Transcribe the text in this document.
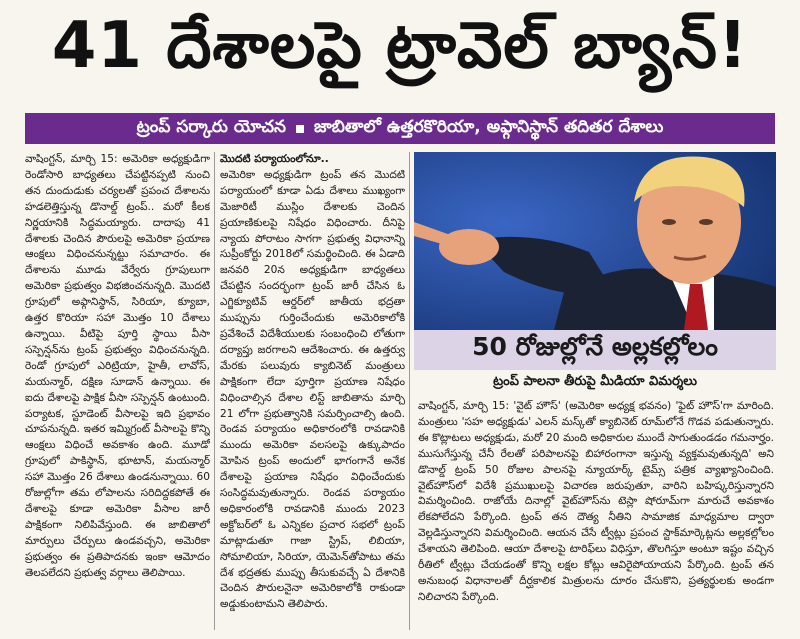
41 దేశాలపై ట్రావెల్ బ్యాన్!
ట్రంప్ సర్కారు యోచన జాబితాలో ఉత్తరకొరియా, అఫ్గానిస్థాన్ తదితర దేశాలు

వాషింగ్టన్, మార్చి 15: అమెరికా అధ్యక్షుడిగా రెండోసారి బాధ్యతలు చేపట్టినప్పటి నుంచి తన దుందుడుకు చర్యలతో ప్రపంచ దేశాలను హడలెత్తిస్తున్న డొనాల్డ్ ట్రంప్.. మరో కీలక నిర్ణయానికి సిద్ధమయ్యారు. దాదాపు 41 దేశాలకు చెందిన పౌరులపై అమెరికా ప్రయాణ ఆంక్షలు విధించనున్నట్టు సమాచారం. ఈ దేశాలను మూడు వేర్వేరు గ్రూపులుగా అమెరికా ప్రభుత్వం విభజించనున్నది. మొదటి గ్రూపులో అఫ్గానిస్థాన్, సిరియా, క్యూబా, ఉత్తర కొరియా సహా మొత్తం 10 దేశాలు ఉన్నాయి. వీటిపై పూర్తి స్థాయి వీసా సస్పెన్షన్‌ను ట్రంప్ ప్రభుత్వం విధించనున్నది. రెండో గ్రూపులో ఎరిట్రియా, హైతీ, లావోస్, మయన్మార్, దక్షిణ సూడాన్ ఉన్నాయి. ఈ ఐదు దేశాలపై పాక్షిక వీసా సస్పెన్షన్ ఉంటుంది. పర్యాటక, స్టూడెంట్ వీసాలపై ఇది ప్రభావం చూపనున్నది. ఇతర ఇమ్మిగ్రంట్ వీసాలపై కొన్ని ఆంక్షలు విధించే అవకాశం ఉంది. మూడో గ్రూపులో పాకిస్థాన్, భూటాన్, మయన్మార్ సహా మొత్తం 26 దేశాలు ఉండనున్నాయి. 60 రోజుల్లోగా తమ లోపాలను సరిదిద్దకపోతే ఈ దేశాలపై కూడా అమెరికా వీసాల జారీ పాక్షికంగా నిలిపివేస్తుంది. ఈ జాబితాలో మార్పులు చేర్పులు ఉండవచ్చని, అమెరికా ప్రభుత్వం ఈ ప్రతిపాదనకు ఇంకా ఆమోదం తెలపలేదని ప్రభుత్వ వర్గాలు తెలిపాయి.

మొదటి పర్యాయంలోనూ..

అమెరికా అధ్యక్షుడిగా ట్రంప్ తన మొదటి పర్యాయంలో కూడా ఏడు దేశాలు ముఖ్యంగా మెజారిటీ ముస్లిం దేశాలకు చెందిన ప్రయాణికులపై నిషేధం విధించారు. దీనిపై న్యాయ పోరాటం సాగగా ప్రభుత్వ విధానాన్ని సుప్రీంకోర్టు 2018లో సమర్థించింది. ఈ ఏడాది జనవరి 20న అధ్యక్షుడిగా బాధ్యతలు చేపట్టిన సందర్భంగా ట్రంప్ జారీ చేసిన ఓ ఎగ్జిక్యూటివ్ ఆర్డర్‌లో జాతీయ భద్రతా ముప్పును గుర్తించేందుకు అమెరికాలోకి ప్రవేశించే విదేశీయులకు సంబంధించి లోతుగా దర్యాప్తు జరగాలని ఆదేశించారు. ఈ ఉత్తర్వు మేరకు పలువురు క్యాబినెట్ మంత్రులు పాక్షికంగా లేదా పూర్తిగా ప్రయాణ నిషేధం విధించాల్సిన దేశాల లిస్ట్ జాబితాను మార్చి 21 లోగా ప్రభుత్వానికి సమర్పించాల్సి ఉంది. రెండవ పర్యాయం అధికారంలోకి రావడానికి ముందు అమెరికా వలసలపై ఉక్కుపాదం మోపిన ట్రంప్ అందులో భాగంగానే అనేక దేశాలపై ప్రయాణ నిషేధం విధించేందుకు సంసిద్ధమవుతున్నారు. రెండవ పర్యాయం అధికారంలోకి రావడానికి ముందు 2023 అక్టోబర్‌లో ఓ ఎన్నికల ప్రచార సభలో ట్రంప్ మాట్లాడుతూ గాజా స్ట్రిప్, లిబియా, సోమాలియా, సిరియా, యెమెన్‌తోపాటు తమ దేశ భద్రతకు ముప్పు తీసుకువచ్చే ఏ దేశానికి చెందిన పౌరులనైనా అమెరికాలోకి రాకుండా అడ్డుకుంటామని తెలిపారు.

50 రోజుల్లోనే అల్లకల్లోలం
ట్రంప్ పాలనా తీరుపై మీడియా విమర్శలు

వాషింగ్టన్, మార్చి 15: 'వైట్ హౌస్' (అమెరికా అధ్యక్ష భవనం) 'ఫైట్ హౌస్'గా మారింది. మంత్రులు 'సహ అధ్యక్షుడు' ఎలన్ మస్క్‌తో క్యాబినెట్ రూమ్‌లోనే గొడవ పడుతున్నారు. ఈ కొట్లాటలు అధ్యక్షుడు, మరో 20 మంది అధికారుల ముందే సాగుతుండడం గమనార్హం. ముసుగేస్తున్న చేనీ రేలతో పరిపాలనపై బిహారంగానా ఇస్తున్న వ్యక్తమవుతున్నది' అని డొనాల్డ్ ట్రంప్ 50 రోజుల పాలనపై న్యూయార్క్ టైమ్స్ పత్రిక వ్యాఖ్యానించింది. వైట్‌హౌస్‌లో విదేశీ ప్రముఖులపై విచారణ జరుపుతూ, వారిని బహిష్కరిస్తున్నారని విమర్శించింది. రాజోయే దినాల్లో వైట్‌హౌస్‌ను టెస్లా షోరూమ్‌గా మారుచే అవకాశం లేకపోలేదని పేర్కొంది. ట్రంప్ తన దౌత్య నీతిని సామాజిక మాధ్యమాల ద్వారా వెల్లడిస్తున్నారని విమర్శించింది. ఆయన చేసే ట్వీట్లు ప్రపంచ స్టాక్‌మార్కెట్లను అల్లకల్లోలం చేశాయని తెలిపింది. ఆయా దేశాలపై టారిఫ్‌లు విధిస్తూ, తొలగిస్తూ అంటూ ఇష్టం వచ్చిన రీతిలో ట్వీట్లు చేయడంతో కొన్ని లక్షల కోట్లు ఆవిరైపోయాయని పేర్కొంది. ట్రంప్ తన అనుబంధ విధానాలతో దీర్ఘకాలిక మిత్రులను దూరం చేసుకొని, ప్రత్యర్థులకు అండగా నిలిచారని పేర్కొంది.
